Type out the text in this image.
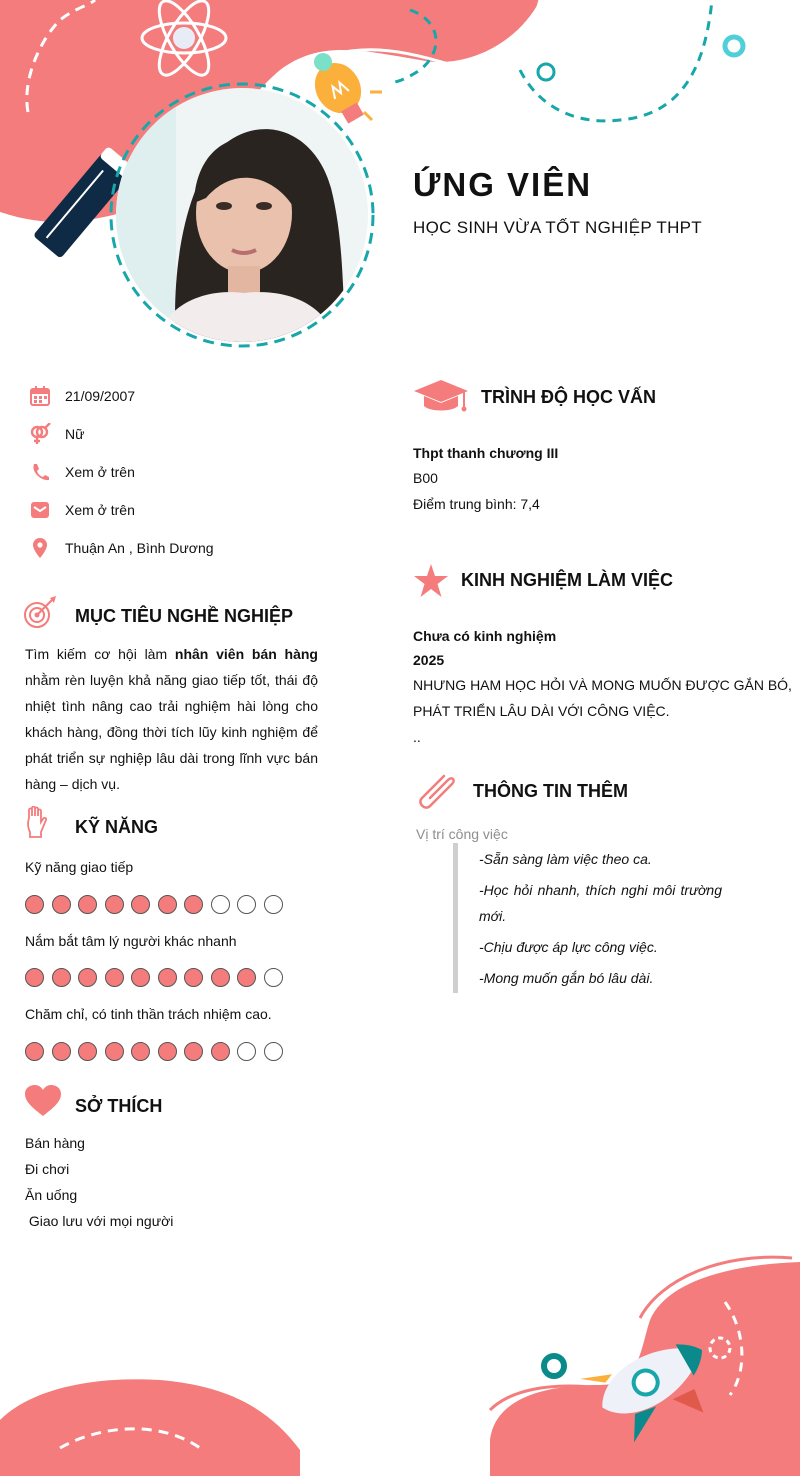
ỨNG VIÊN
HỌC SINH VỪA TỐT NGHIỆP THPT
21/09/2007
Nữ
Xem ở trên
Xem ở trên
Thuận An , Bình Dương
MỤC TIÊU NGHỀ NGHIỆP
Tìm kiếm cơ hội làm nhân viên bán hàng nhằm rèn luyện khả năng giao tiếp tốt, thái độ nhiệt tình nâng cao trải nghiệm hài lòng cho khách hàng, đồng thời tích lũy kinh nghiệm để phát triển sự nghiệp lâu dài trong lĩnh vực bán hàng – dịch vụ.
KỸ NĂNG
Kỹ năng giao tiếp
Nắm bắt tâm lý người khác nhanh
Chăm chỉ, có tinh thần trách nhiệm cao.
SỞ THÍCH
Bán hàng
Đi chơi
Ăn uống
Giao lưu với mọi người
TRÌNH ĐỘ HỌC VẤN
Thpt thanh chương III
B00
Điểm trung bình: 7,4
KINH NGHIỆM LÀM VIỆC
Chưa có kinh nghiệm
2025
NHƯNG HAM HỌC HỎI VÀ MONG MUỐN ĐƯỢC GẮN BÓ,
PHÁT TRIỂN LÂU DÀI VỚI CÔNG VIỆC.
..
THÔNG TIN THÊM
Vị trí công việc
-Sẵn sàng làm việc theo ca.
-Học hỏi nhanh, thích nghi môi trường
mới.
-Chịu được áp lực công việc.
-Mong muốn gắn bó lâu dài.
